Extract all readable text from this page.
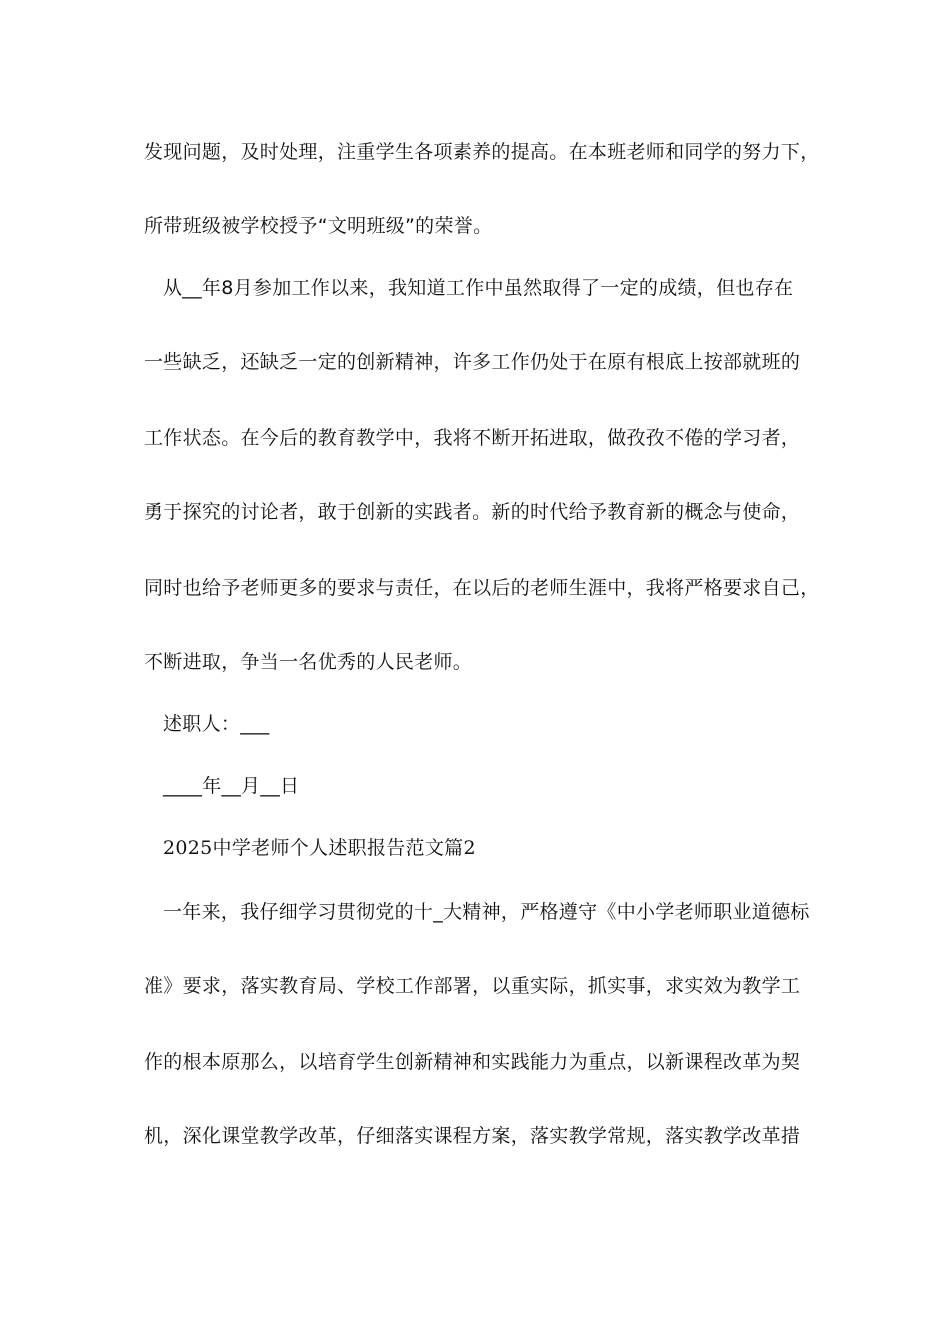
发现问题，及时处理，注重学生各项素养的提高。在本班老师和同学的努力下，
所带班级被学校授予“文明班级”的荣誉。
从__年8月参加工作以来，我知道工作中虽然取得了一定的成绩，但也存在
一些缺乏，还缺乏一定的创新精神，许多工作仍处于在原有根底上按部就班的
工作状态。在今后的教育教学中，我将不断开拓进取，做孜孜不倦的学习者，
勇于探究的讨论者，敢于创新的实践者。新的时代给予教育新的概念与使命，
同时也给予老师更多的要求与责任，在以后的老师生涯中，我将严格要求自己，
不断进取，争当一名优秀的人民老师。
述职人：___
____年__月__日
2025中学老师个人述职报告范文篇2
一年来，我仔细学习贯彻党的十_大精神，严格遵守《中小学老师职业道德标
准》要求，落实教育局、学校工作部署，以重实际，抓实事，求实效为教学工
作的根本原那么，以培育学生创新精神和实践能力为重点，以新课程改革为契
机，深化课堂教学改革，仔细落实课程方案，落实教学常规，落实教学改革措
